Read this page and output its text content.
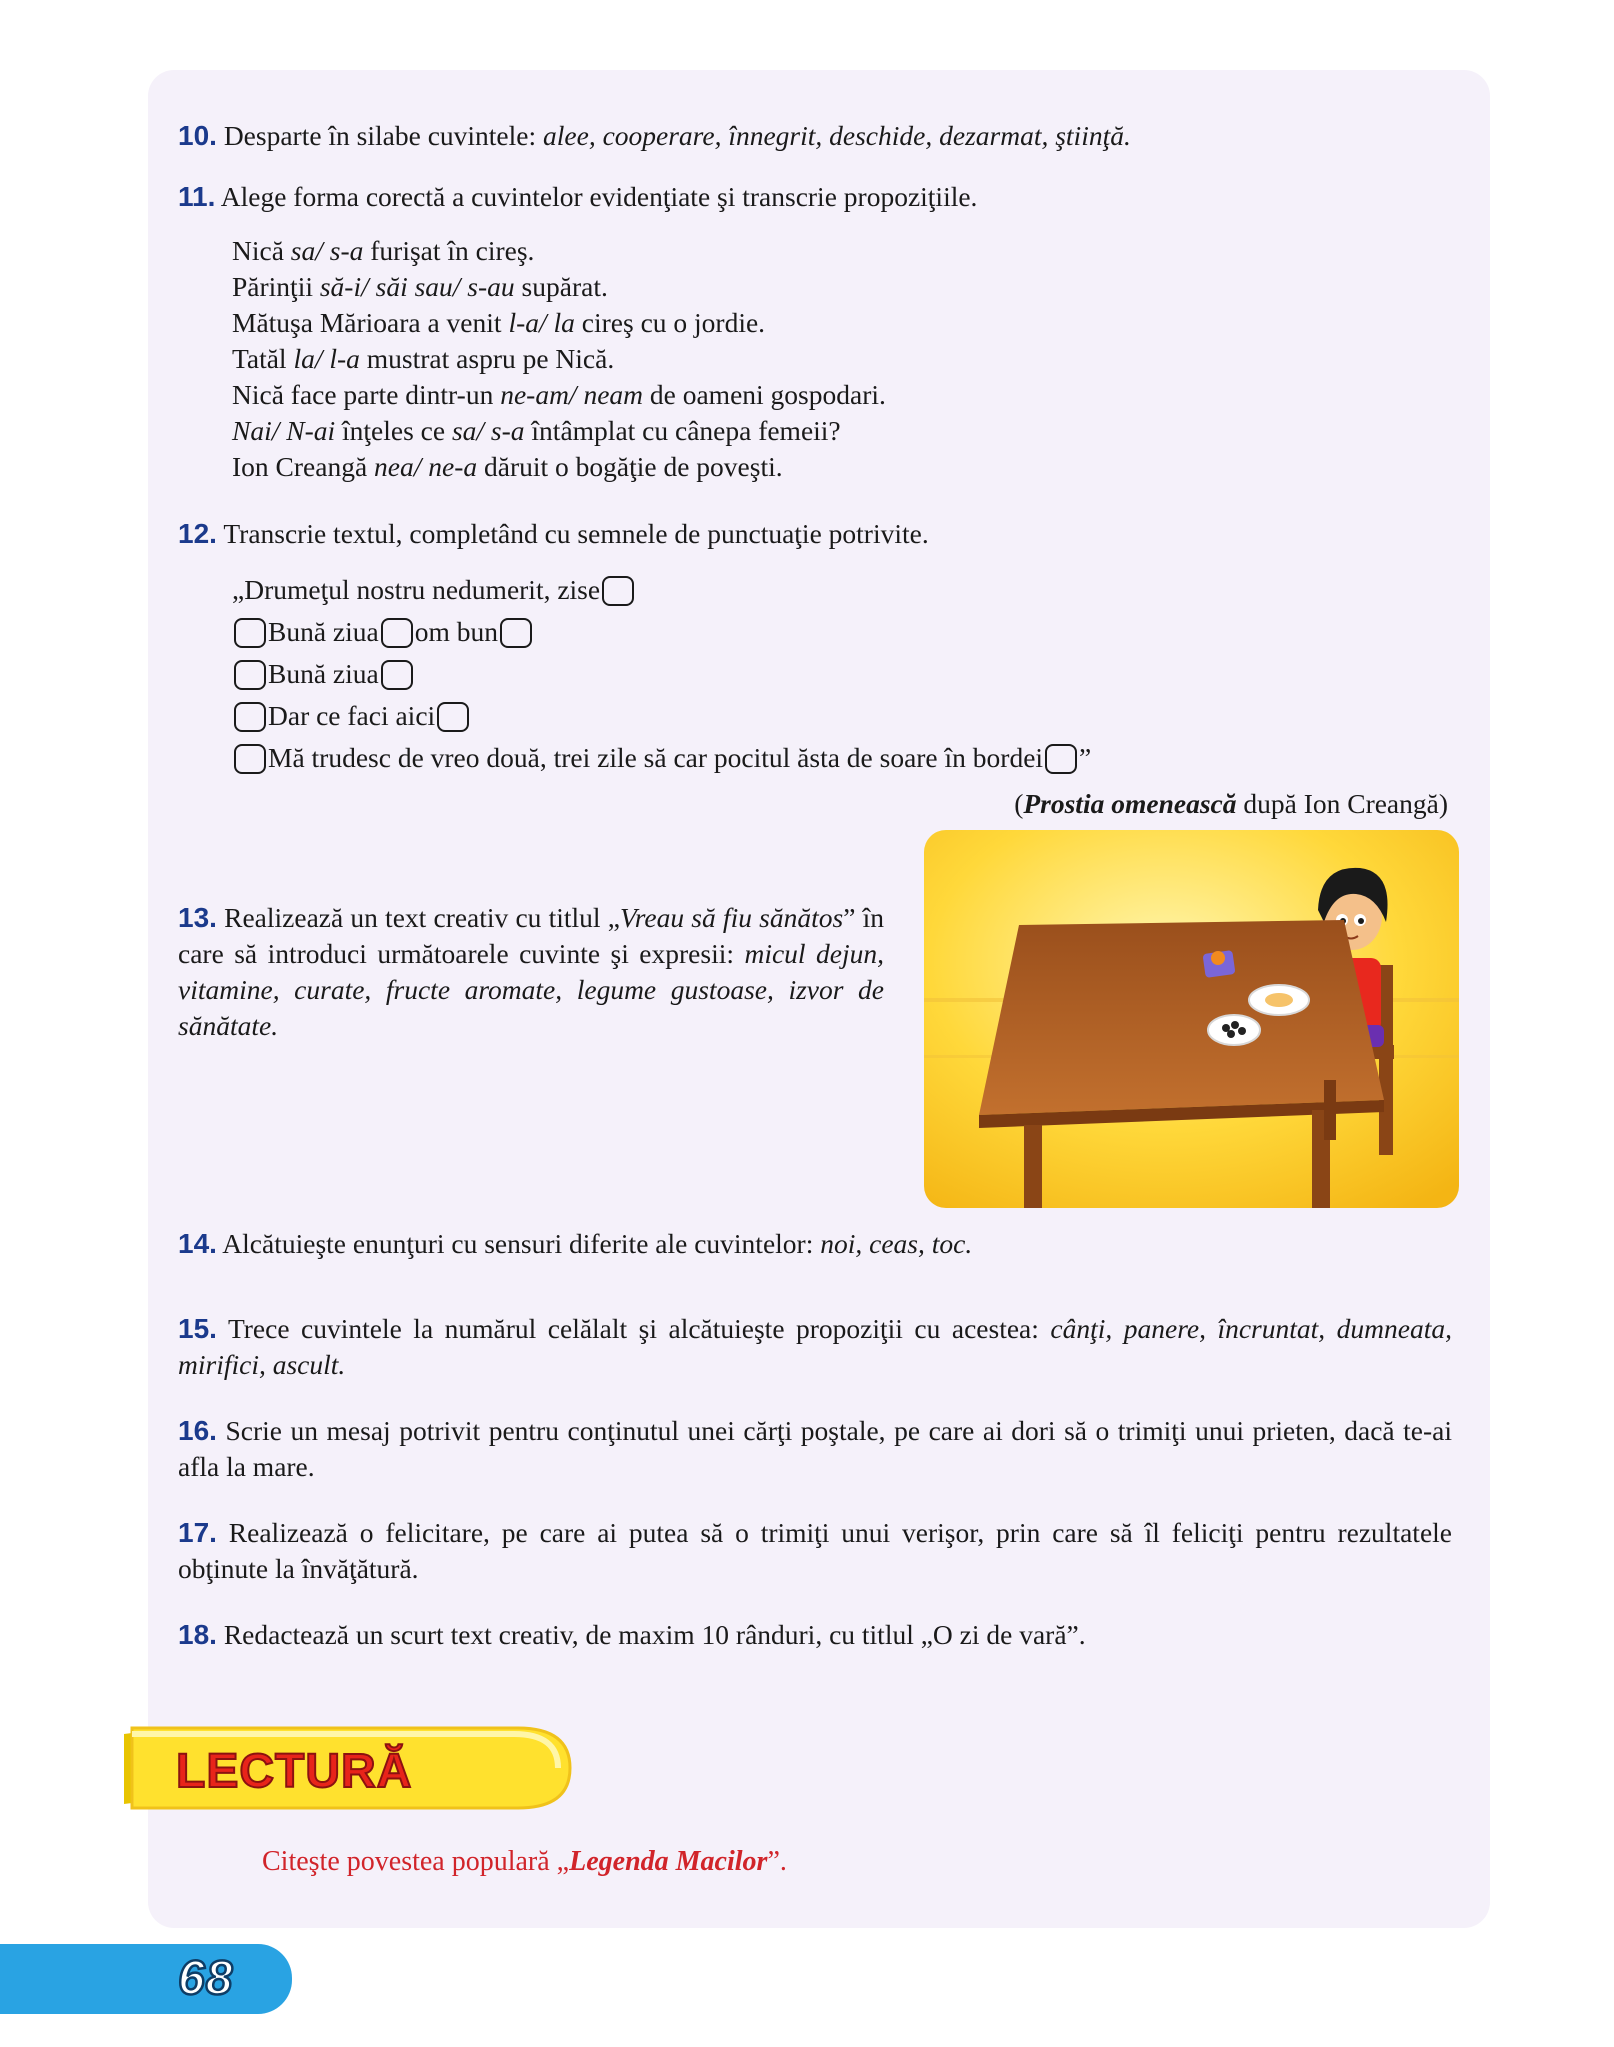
10. Desparte în silabe cuvintele: alee, cooperare, înnegrit, deschide, dezarmat, ştiinţă.
11. Alege forma corectă a cuvintelor evidenţiate şi transcrie propoziţiile.
Nică sa/ s-a furişat în cireş.
Părinţii să-i/ săi sau/ s-au supărat.
Mătuşa Mărioara a venit l-a/ la cireş cu o jordie.
Tatăl la/ l-a mustrat aspru pe Nică.
Nică face parte dintr-un ne-am/ neam de oameni gospodari.
Nai/ N-ai înţeles ce sa/ s-a întâmplat cu cânepa femeii?
Ion Creangă nea/ ne-a dăruit o bogăţie de poveşti.
12. Transcrie textul, completând cu semnele de punctuaţie potrivite.
„Drumeţul nostru nedumerit, zise
Bună ziua om bun
Bună ziua
Dar ce faci aici
Mă trudesc de vreo două, trei zile să car pocitul ăsta de soare în bordei ”
(Prostia omenească după Ion Creangă)
13. Realizează un text creativ cu titlul „Vreau să fiu sănătos” în care să introduci următoarele cuvinte şi expresii: micul dejun, vitamine, curate, fructe aromate, legume gustoase, izvor de sănătate.
14. Alcătuieşte enunţuri cu sensuri diferite ale cuvintelor: noi, ceas, toc.
15. Trece cuvintele la numărul celălalt şi alcătuieşte propoziţii cu acestea: cânţi, panere, încruntat, dumneata, mirifici, ascult.
16. Scrie un mesaj potrivit pentru conţinutul unei cărţi poştale, pe care ai dori să o trimiţi unui prieten, dacă te-ai afla la mare.
17. Realizează o felicitare, pe care ai putea să o trimiţi unui verişor, prin care să îl feliciţi pentru rezultatele obţinute la învăţătură.
18. Redactează un scurt text creativ, de maxim 10 rânduri, cu titlul „O zi de vară”.
LECTURĂ
Citeşte povestea populară „Legenda Macilor”.
68
